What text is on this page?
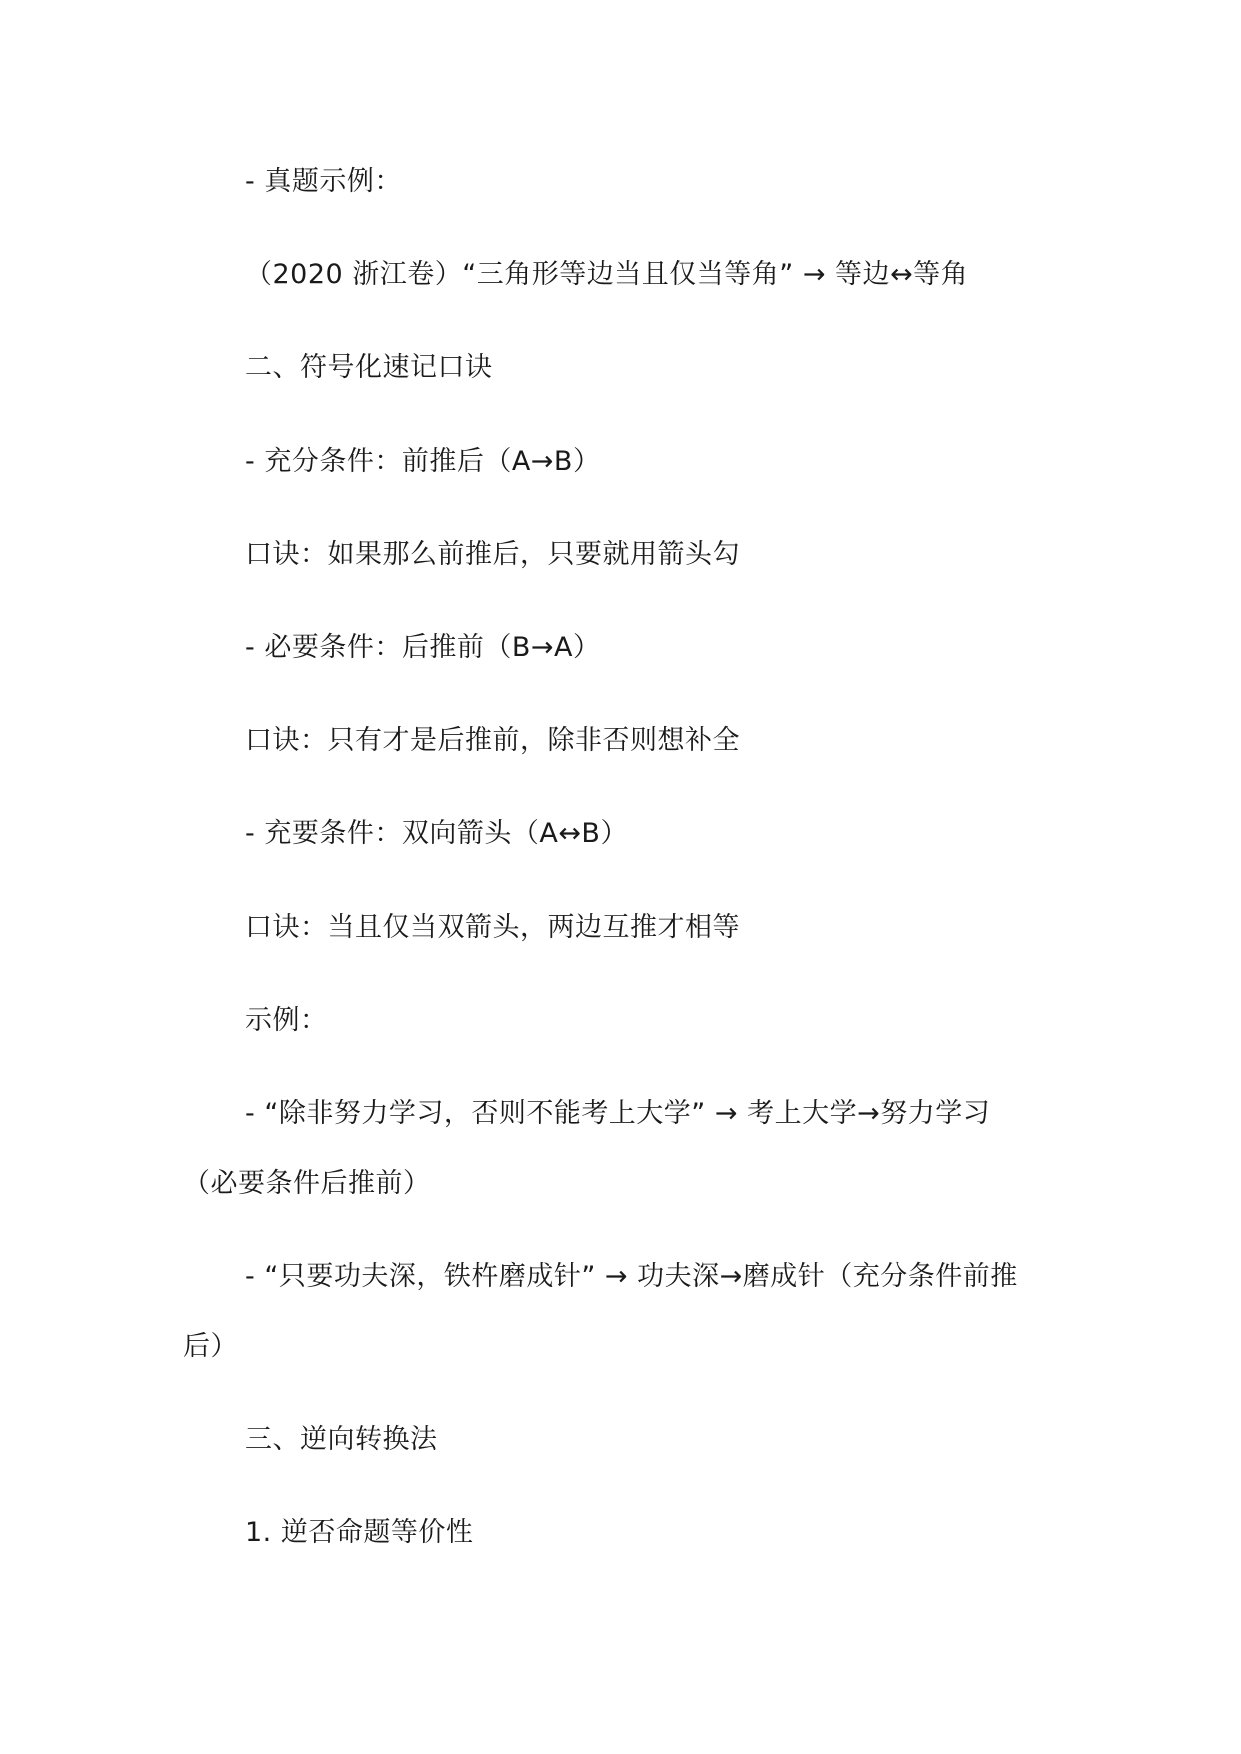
- 真题示例：
（2020 浙江卷）“三角形等边当且仅当等角” → 等边↔等角
二、符号化速记口诀
- 充分条件：前推后（A→B）
口诀：如果那么前推后，只要就用箭头勾
- 必要条件：后推前（B→A）
口诀：只有才是后推前，除非否则想补全
- 充要条件：双向箭头（A↔B）
口诀：当且仅当双箭头，两边互推才相等
示例：
- “除非努力学习，否则不能考上大学” → 考上大学→努力学习
（必要条件后推前）
- “只要功夫深，铁杵磨成针” → 功夫深→磨成针（充分条件前推
后）
三、逆向转换法
1. 逆否命题等价性
